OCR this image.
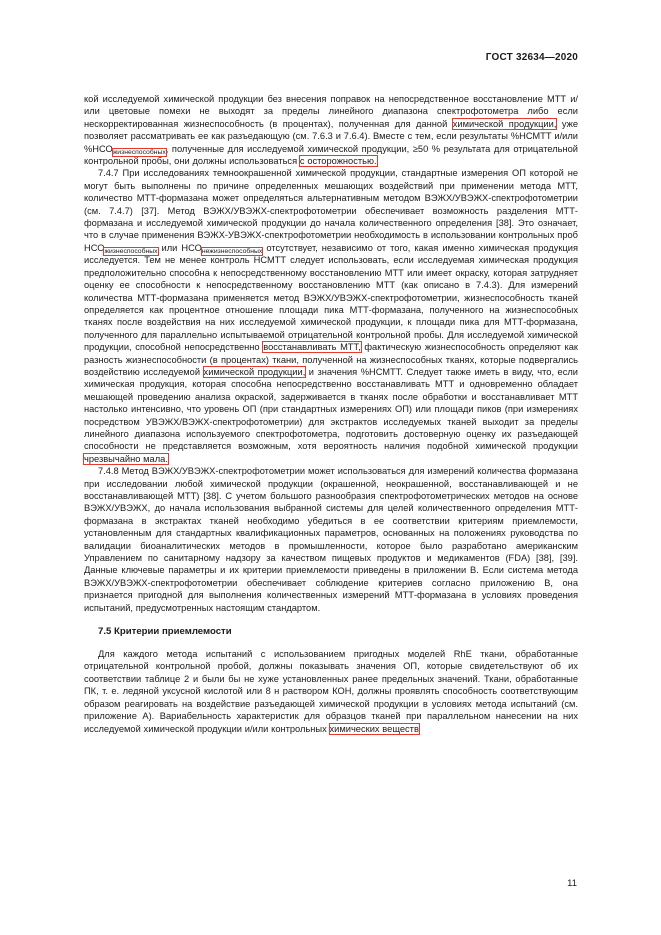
ГОСТ 32634—2020

кой исследуемой химической продукции без внесения поправок на непосредственное восстановление МТТ и/или цветовые помехи не выходят за пределы линейного диапазона спектрофотометра либо если нескорректированная жизнеспособность (в процентах), полученная для данной химической продукции, уже позволяет рассматривать ее как разъедающую (см. 7.6.3 и 7.6.4). Вместе с тем, если результаты %НСМТТ и/или $\%НСО_{жизнеспособных}$, полученные для исследуемой химической продукции, ≥50 % результата для отрицательной контрольной пробы, они должны использоваться с осторожностью.

7.4.7 При исследованиях темноокрашенной химической продукции, стандартные измерения ОП которой не могут быть выполнены по причине определенных мешающих воздействий при применении метода МТТ, количество МТТ-формазана может определяться альтернативным методом ВЭЖХ/УВЭЖХ-спектрофотометрии (см. 7.4.7) [37]. Метод ВЭЖХ/УВЭЖХ-спектрофотометрии обеспечивает возможность разделения МТТ-формазана и исследуемой химической продукции до начала количественного определения [38]. Это означает, что в случае применения ВЭЖХ-УВЭЖХ-спектрофотометрии необходимость в использовании контрольных проб $НСО_{жизнеспособных}$ или $НСО_{нежизнеспособных}$ отсутствует, независимо от того, какая именно химическая продукция исследуется. Тем не менее контроль НСМТТ следует использовать, если исследуемая химическая продукция предположительно способна к непосредственному восстановлению МТТ или имеет окраску, которая затрудняет оценку ее способности к непосредственному восстановлению МТТ (как описано в 7.4.3). Для измерений количества МТТ-формазана применяется метод ВЭЖХ/УВЭЖХ-спектрофотометрии, жизнеспособность тканей определяется как процентное отношение площади пика МТТ-формазана, полученного на жизнеспособных тканях после воздействия на них исследуемой химической продукции, к площади пика для МТТ-формазана, полученного для параллельно испытываемой отрицательной контрольной пробы. Для исследуемой химической продукции, способной непосредственно восстанавливать МТТ, фактическую жизнеспособность определяют как разность жизнеспособности (в процентах) ткани, полученной на жизнеспособных тканях, которые подвергались воздействию исследуемой химической продукции, и значения %НСМТТ. Следует также иметь в виду, что, если химическая продукция, которая способна непосредственно восстанавливать МТТ и одновременно обладает мешающей проведению анализа окраской, задерживается в тканях после обработки и восстанавливает МТТ настолько интенсивно, что уровень ОП (при стандартных измерениях ОП) или площади пиков (при измерениях посредством УВЭЖХ/ВЭЖХ-спектрофотометрии) для экстрактов исследуемых тканей выходит за пределы линейного диапазона используемого спектрофотометра, подготовить достоверную оценку их разъедающей способности не представляется возможным, хотя вероятность наличия подобной химической продукции чрезвычайно мала.

7.4.8 Метод ВЭЖХ/УВЭЖХ-спектрофотометрии может использоваться для измерений количества формазана при исследовании любой химической продукции (окрашенной, неокрашенной, восстанавливающей и не восстанавливающей МТТ) [38]. С учетом большого разнообразия спектрофотометрических методов на основе ВЭЖХ/УВЭЖХ, до начала использования выбранной системы для целей количественного определения МТТ-формазана в экстрактах тканей необходимо убедиться в ее соответствии критериям приемлемости, установленным для стандартных квалификационных параметров, основанных на положениях руководства по валидации биоаналитических методов в промышленности, которое было разработано американским Управлением по санитарному надзору за качеством пищевых продуктов и медикаментов (FDA) [38], [39]. Данные ключевые параметры и их критерии приемлемости приведены в приложении В. Если система метода ВЭЖХ/УВЭЖХ-спектрофотометрии обеспечивает соблюдение критериев согласно приложению В, она признается пригодной для выполнения количественных измерений МТТ-формазана в условиях проведения испытаний, предусмотренных настоящим стандартом.

7.5 Критерии приемлемости

Для каждого метода испытаний с использованием пригодных моделей RhE ткани, обработанные отрицательной контрольной пробой, должны показывать значения ОП, которые свидетельствуют об их соответствии таблице 2 и были бы не хуже установленных ранее предельных значений. Ткани, обработанные ПК, т. е. ледяной уксусной кислотой или 8 н раствором КОН, должны проявлять способность соответствующим образом реагировать на воздействие разъедающей химической продукции в условиях метода испытаний (см. приложение А). Вариабельность характеристик для образцов тканей при параллельном нанесении на них исследуемой химической продукции и/или контрольных химических веществ

11
